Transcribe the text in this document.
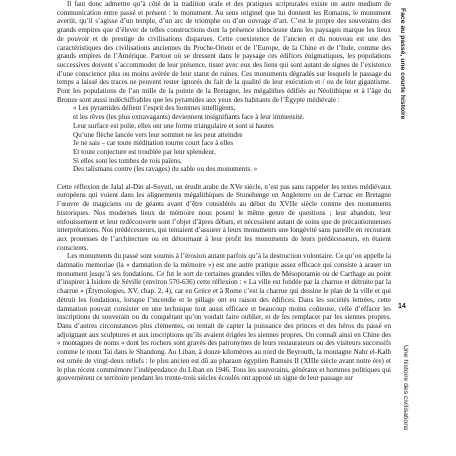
Il faut donc admettre qu’à côté de la tradition orale et des pratiques scripturales existe un autre medium de communication entre passé et présent : le monument. Au sens originel que lui donnent les Romains, le monument avertit, qu’il s’agisse d’un temple, d’un arc de triomphe ou d’un ouvrage d’art. C’est le propre des souverains des grands empires que d’élever de telles constructions dont la présence silencieuse dans les paysages marque les lieux de pouvoir et de prestige de civilisations disparues. Cette coexistence de l’ancien et du nouveau est une des caractéristiques des civilisations anciennes du Proche-Orient et de l’Europe, de la Chine et de l’Inde, comme des grands empires de l’Amérique. Partout où se dressent dans le paysage ces édifices énigmatiques, les populations successives doivent s’accommoder de leur présence, tisser avec eux des liens qui sont autant de signes de l’existence d’une conscience plus ou moins avérée de leur statut de ruines. Ces monuments dégradés sur lesquels le passage du temps a laissé des traces ne peuvent rester ignorés du fait de la qualité de leur exécution et / ou de leur gigantisme. Pour les populations de l’an mille de la pointe de la Bretagne, les mégalithes édifiés au Néolithique et à l’âge du Bronze sont aussi indéchiffrables que les pyramides aux yeux des habitants de l’Égypte médiévale :

« Les pyramides défient l’esprit des hommes intelligents,
et les rêves (les plus extravagants) deviennent insignifiants face à leur immensité.
Leur surface est polie, elles ont une forme triangulaire et sont si hautes
Qu’une flèche lancée vers leur sommet ne les peut atteindre
Je ne sais – car toute méditation tourne court face à elles
Et toute conjecture est troublée par leur splendeur,
Si elles sont les tombes de rois païens,
Des talismans contre (les ravages) du sable ou des monuments. »

Cette réflexion de Jalal al-Din al-Suyuti, un érudit arabe du XVe siècle, n’est pas sans rappeler les textes médiévaux européens qui voient dans les alignements mégalithiques de Stonehenge en Angleterre ou de Carnac en Bretagne l’œuvre de magiciens ou de géants avant d’être considérés au début du XVIIe siècle comme des monuments historiques. Nos modernes lieux de mémoire nous posent le même genre de questions ; leur abandon, leur enfouissement et leur redécouverte sont l’objet d’âpres débats, et nécessitent autant de soins que de précautionneuses interprétations. Nos prédécesseurs, qui tentaient d’assurer à leurs monuments une longévité sans pareille en recourant aux prouesses de l’architecture ou en détournant à leur profit les monuments de leurs prédécesseurs, en étaient conscients.

Les monuments du passé sont soumis à l’érosion autant parfois qu’à la destruction volontaire. Ce qu’on appelle la damnatio memoriae (la « damnation de la mémoire ») est une autre pratique assez efficace qui consiste à araser un monument jusqu’à ses fondations. Ce fut le sort de certaines grandes villes de Mésopotamie ou de Carthage au point d’inspirer à Isidore de Séville (environ 570-636) cette réflexion : « La ville est fondée par la charrue et détruite par la charrue » (Étymologies, XV, chap. 2, 4), car en Grèce et à Rome c’est la charrue qui dessine le plan de la ville et qui détruit les fondations, lorsque l’incendie et le pillage ont eu raison des édifices. Dans les sociétés lettrées, cette damnation pouvait consister en une technique tout aussi efficace et beaucoup moins coûteuse, celle d’effacer les inscriptions du souverain ou du conquérant qu’on voulait faire oublier, et de les remplacer par les siennes propres. Dans d’autres circonstances plus clémentes, on tentait de capter la puissance des princes et des héros du passé en adjoignant aux sculptures et aux inscriptions qu’ils avaient érigées les siennes propres. On connaît ainsi en Chine des « montagnes de noms » dont les rochers sont gravés des patronymes de leurs restaurateurs ou des visiteurs successifs comme le mont Tai dans le Shandong. Au Liban, à douze kilomètres au nord de Beyrouth, la montagne Nahr el-Kalb est ornée de vingt-deux reliefs : le plus ancien est dû au pharaon égyptien Ramsès II (XIIIe siècle avant notre ère) et le plus récent commémore l’indépendance du Liban en 1946. Tous les souverains, généraux et hommes politiques qui gouvernèrent ce territoire pendant les trente-trois siècles écoulés ont apposé un signe de leur passage sur

Face au passé, une courte histoire
14
Une histoire des civilisations
